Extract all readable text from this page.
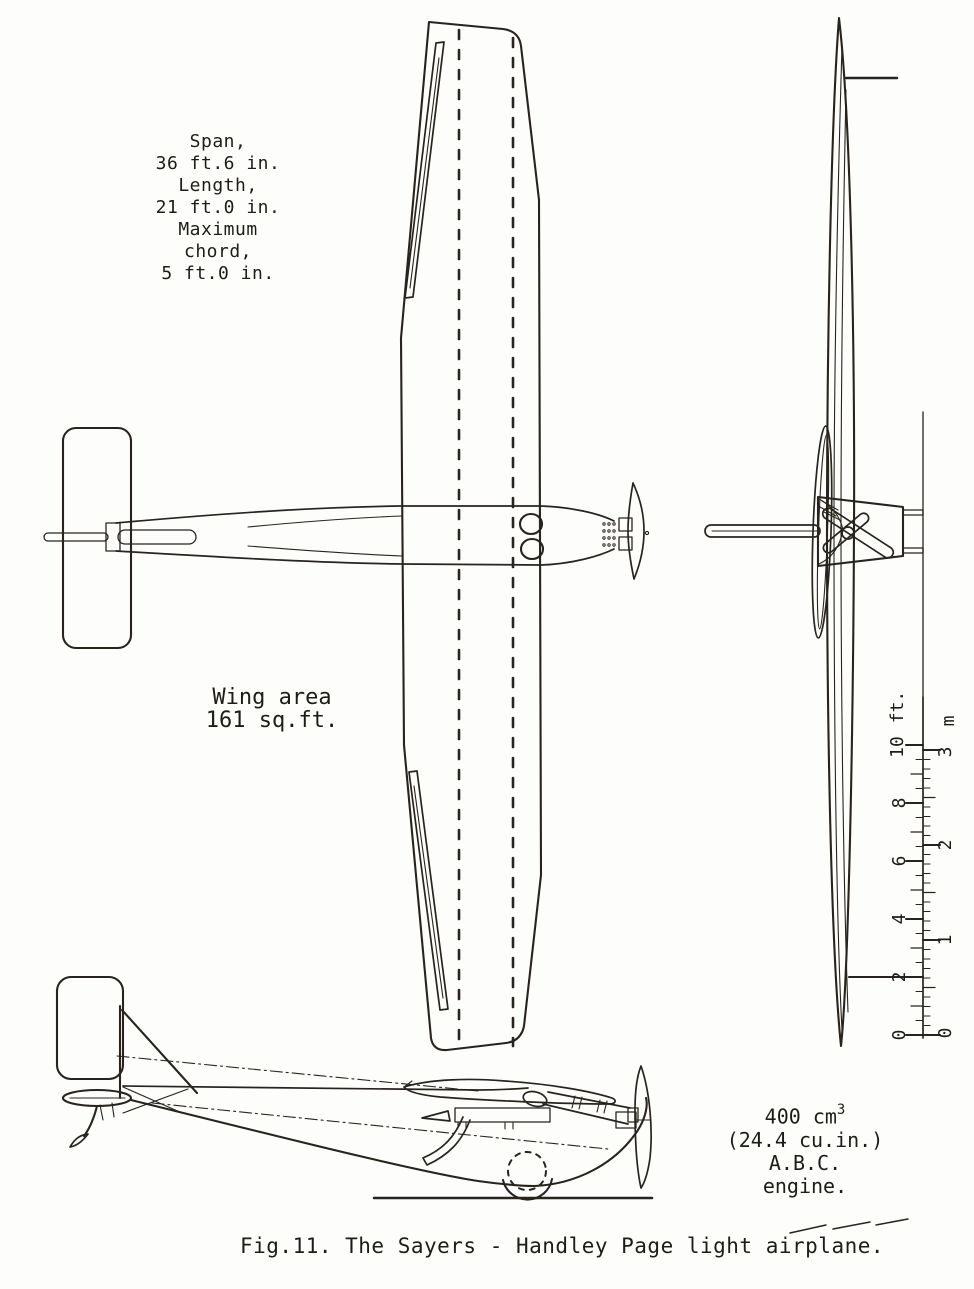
Span,
36 ft.6 in.
Length,
21 ft.0 in.
Maximum
chord,
5 ft.0 in.
Wing area
161 sq.ft.
400 $cm^3$
(24.4 cu.in.)
A.B.C.
engine.
Fig.11. The Sayers - Handley Page light airplane.
0
2
4
6
8
10
ft.
0
1
2
3
m
